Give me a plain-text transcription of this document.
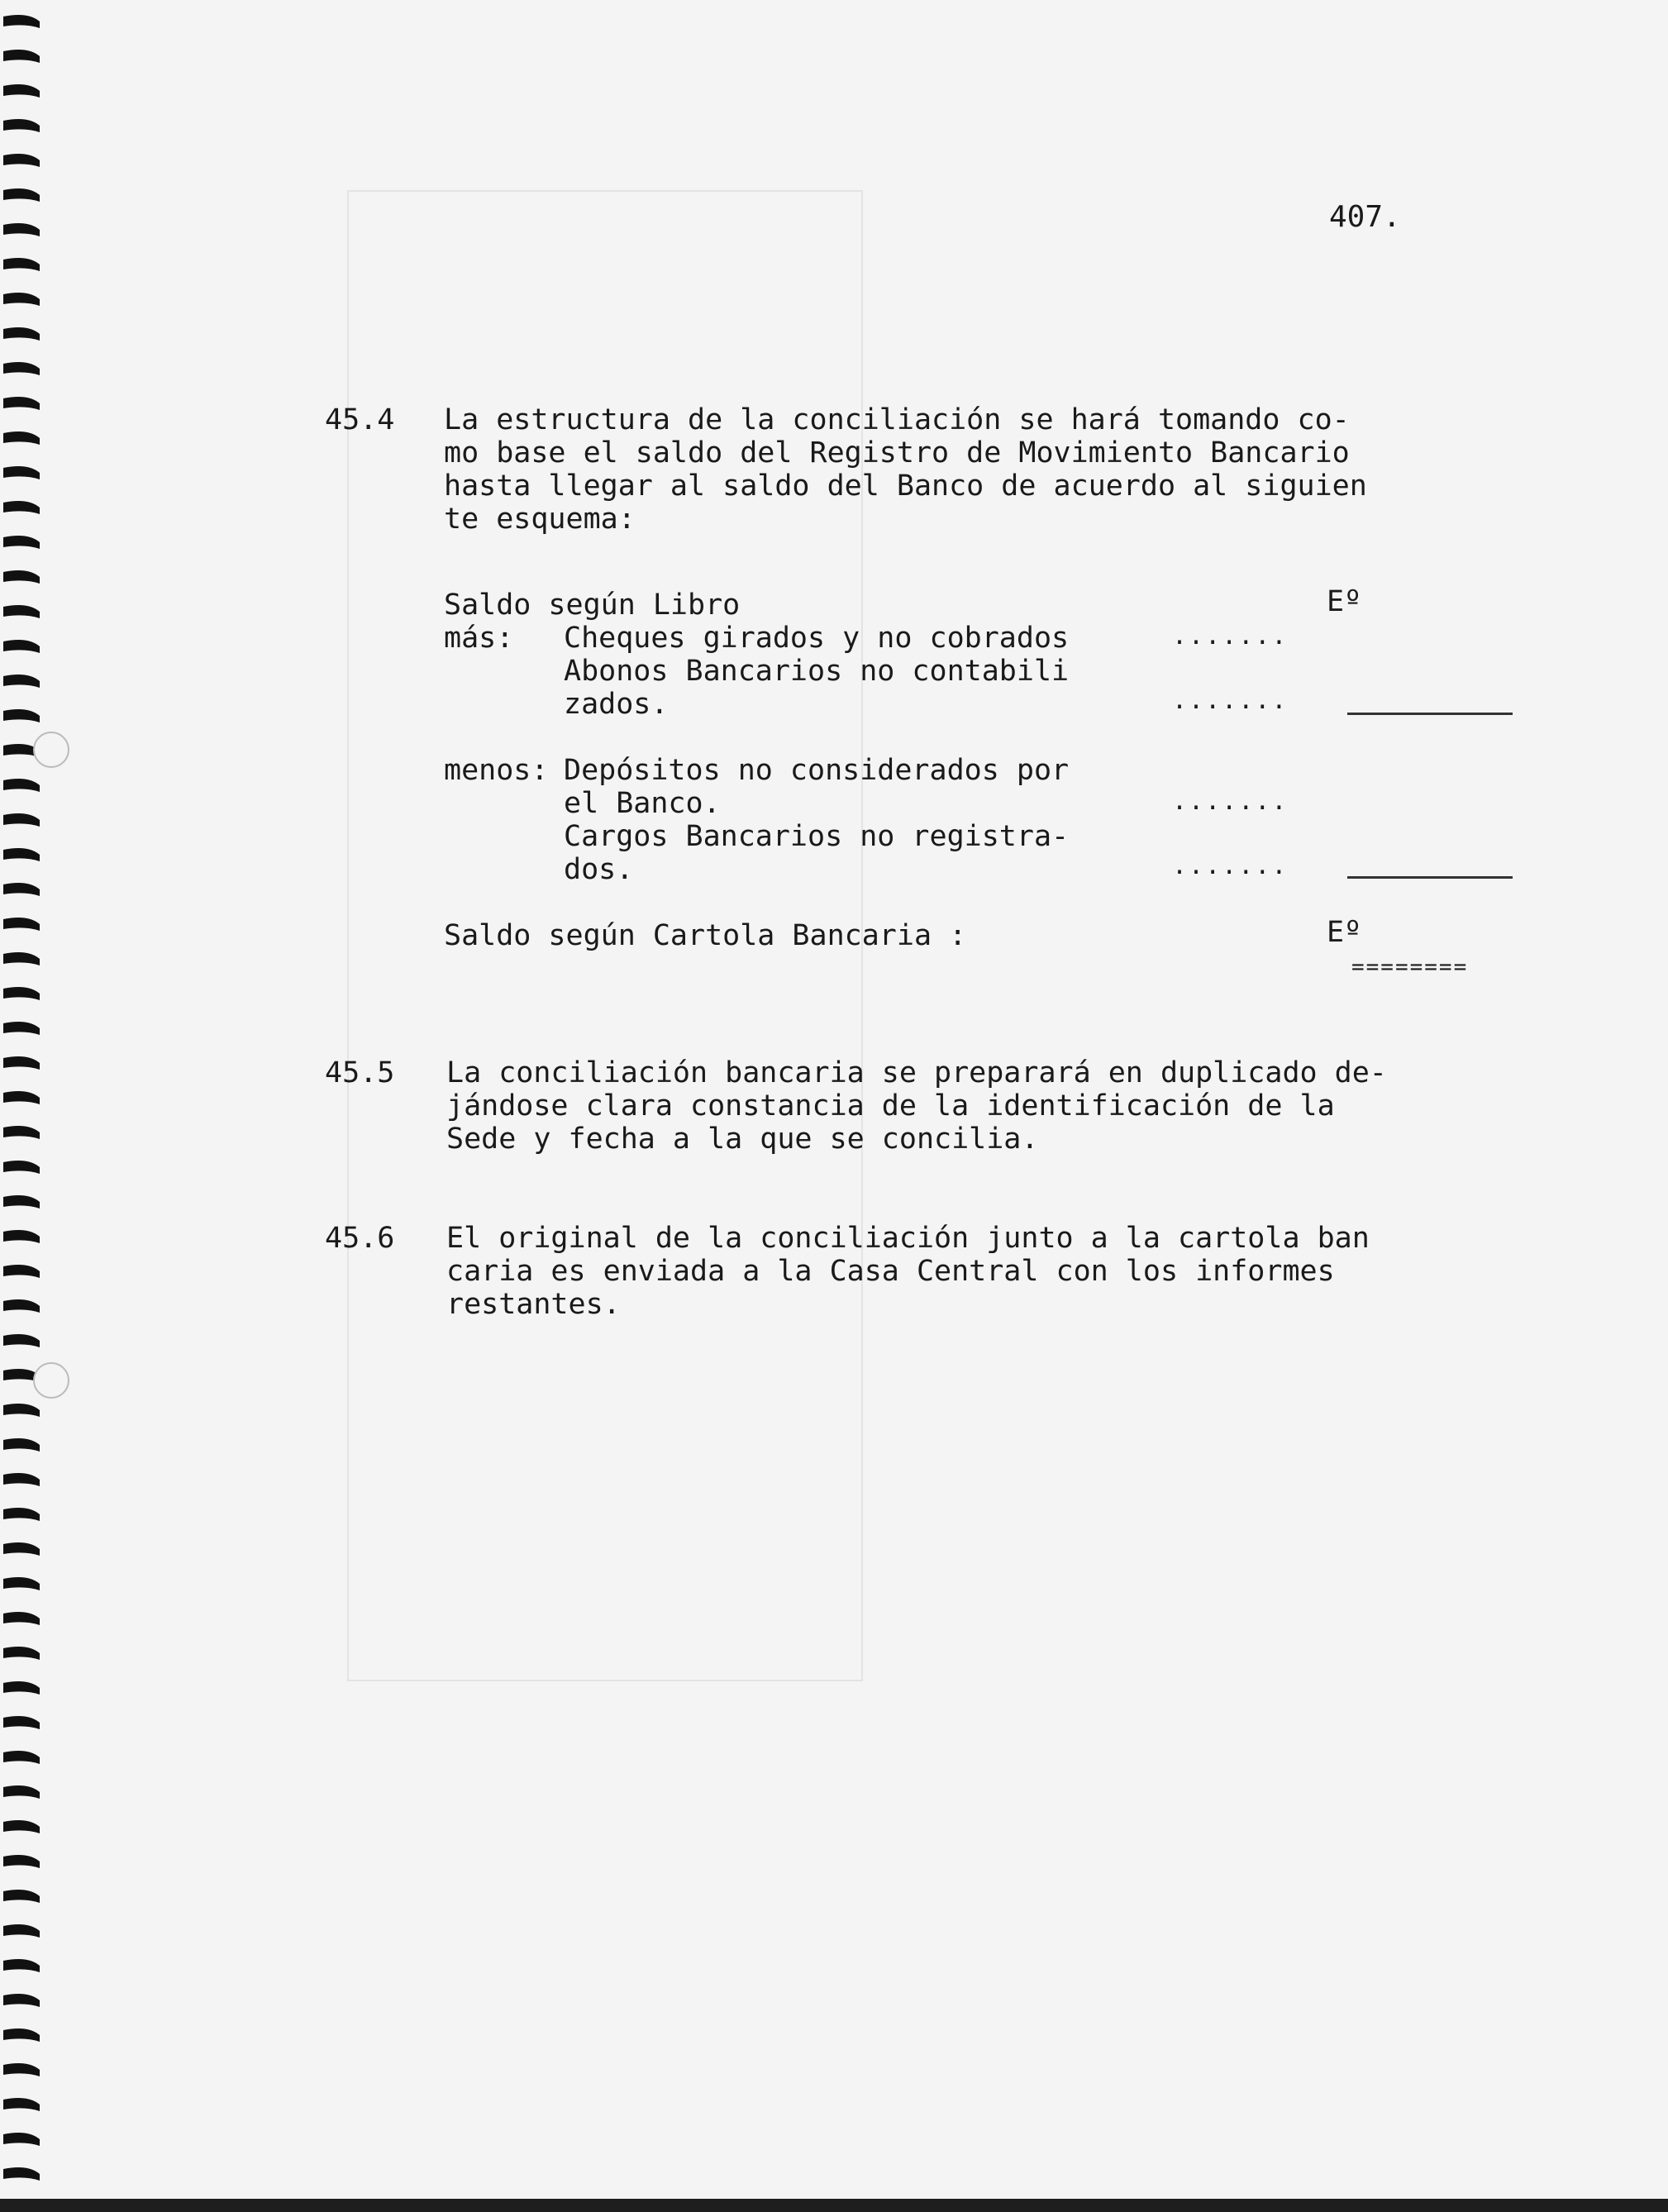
407.
45.4 La estructura de la conciliación se hará tomando co-
mo base el saldo del Registro de Movimiento Bancario
hasta llegar al saldo del Banco de acuerdo al siguien
te esquema:
Saldo según Libro	Eº
más: Cheques girados y no cobrados	.......
Abonos Bancarios no contabili
zados.	.......
menos: Depósitos no considerados por
el Banco.	.......
Cargos Bancarios no registra-
dos.	.......
Saldo según Cartola Bancaria :	Eº
========
45.5 La conciliación bancaria se preparará en duplicado de-
jándose clara constancia de la identificación de la
Sede y fecha a la que se concilia.
45.6 El original de la conciliación junto a la cartola ban
caria es enviada a la Casa Central con los informes
restantes.
